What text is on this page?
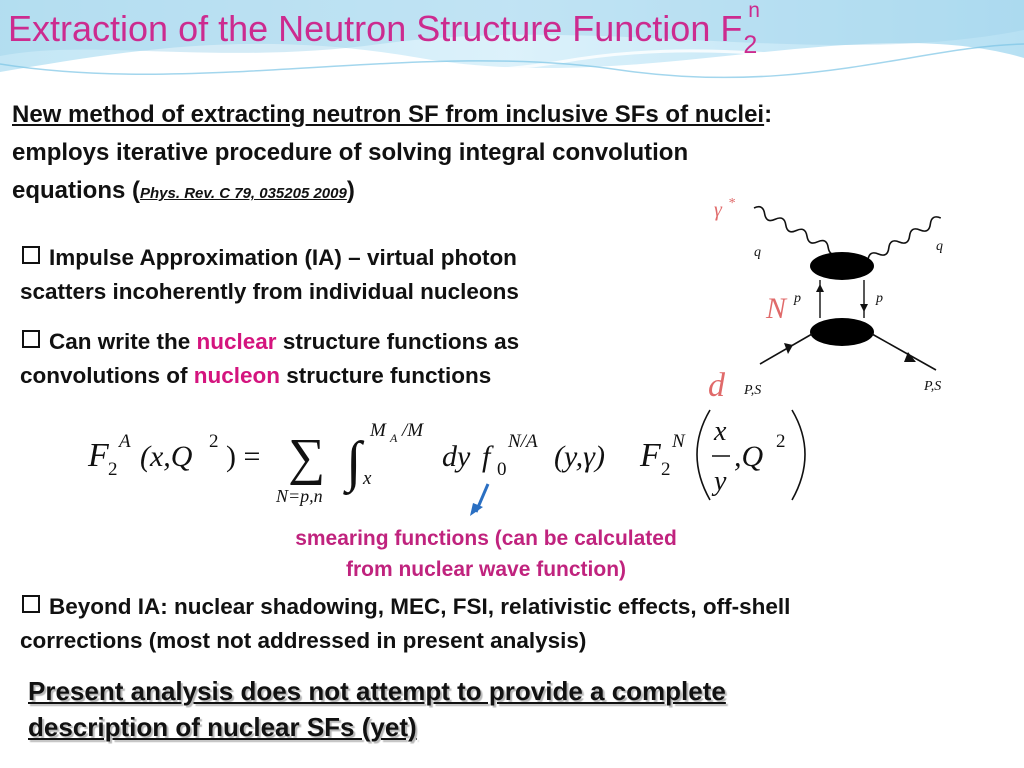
Extraction of the Neutron Structure Function $F_2^n$

New method of extracting neutron SF from inclusive SFs of nuclei:
employs iterative procedure of solving integral convolution
equations (Phys. Rev. C 79, 035205 2009)

Impulse Approximation (IA) – virtual photon
scatters incoherently from individual nucleons

Can write the nuclear structure functions as
convolutions of nucleon structure functions

F 2
A (x,Q 2 ) = ∑
N=p,n
∫
M A /M
x
dy f 0
N/A (y,γ) F 2
N x
y
,Q 2

smearing functions (can be calculated
from nuclear wave function)

γ *
q	q
p	p
N
d P,S	P,S

Beyond IA: nuclear shadowing, MEC, FSI, relativistic effects, off-shell
corrections (most not addressed in present analysis)

Present analysis does not attempt to provide a complete
description of nuclear SFs (yet)
